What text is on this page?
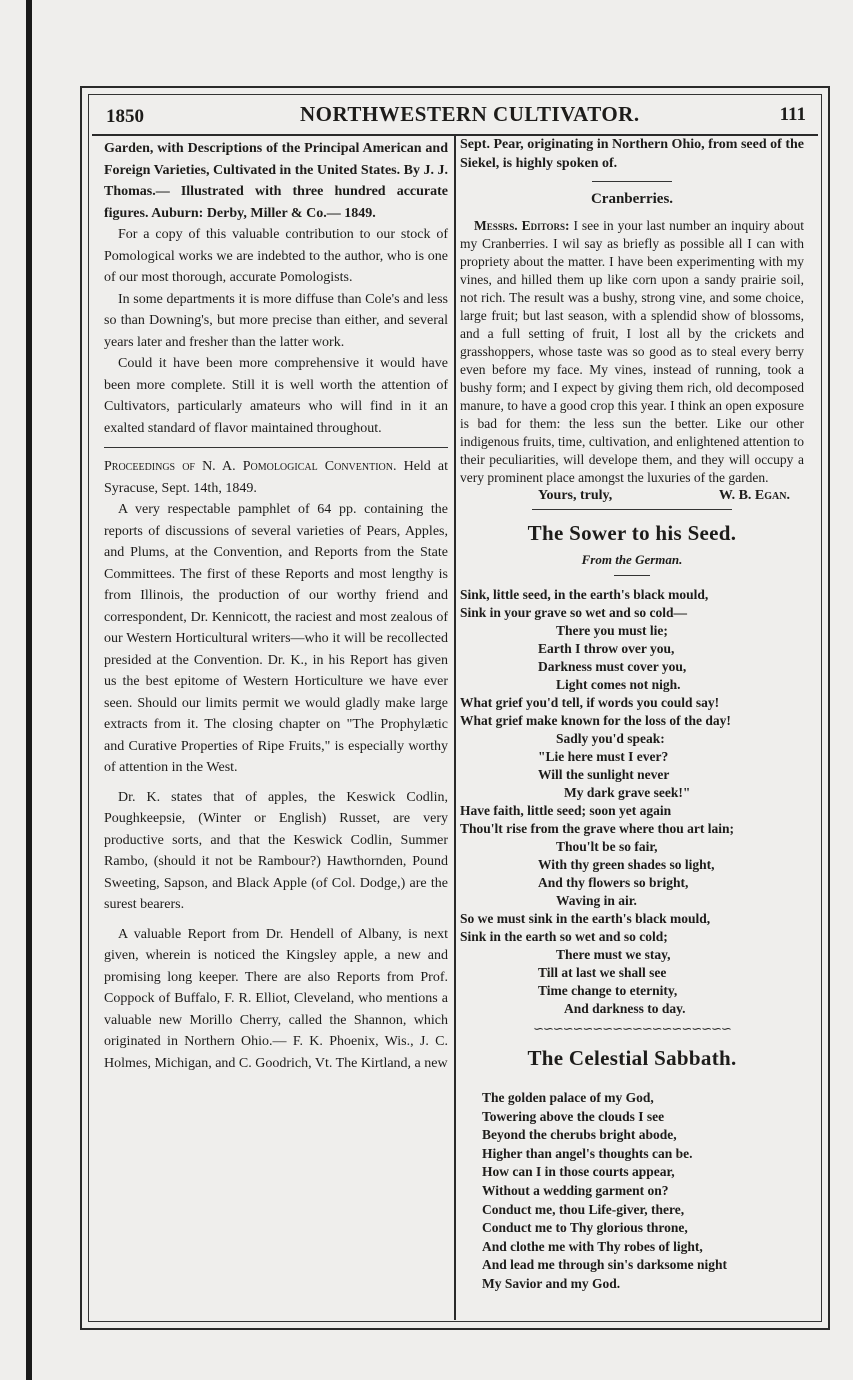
1850	NORTHWESTERN CULTIVATOR.	111

Garden, with Descriptions of the Principal American and Foreign Varieties, Cultivated in the United States. By J. J. Thomas.— Illustrated with three hundred accurate figures. Auburn: Derby, Miller & Co.— 1849.

For a copy of this valuable contribution to our stock of Pomological works we are indebted to the author, who is one of our most thorough, accurate Pomologists.

In some departments it is more diffuse than Cole's and less so than Downing's, but more precise than either, and several years later and fresher than the latter work.

Could it have been more comprehensive it would have been more complete. Still it is well worth the attention of Cultivators, particularly amateurs who will find in it an exalted standard of flavor maintained throughout.

Proceedings of N. A. Pomological Convention. Held at Syracuse, Sept. 14th, 1849.

A very respectable pamphlet of 64 pp. containing the reports of discussions of several varieties of Pears, Apples, and Plums, at the Convention, and Reports from the State Committees. The first of these Reports and most lengthy is from Illinois, the production of our worthy friend and correspondent, Dr. Kennicott, the raciest and most zealous of our Western Horticultural writers—who it will be recollected presided at the Convention. Dr. K., in his Report has given us the best epitome of Western Horticulture we have ever seen. Should our limits permit we would gladly make large extracts from it. The closing chapter on "The Prophylætic and Curative Properties of Ripe Fruits," is especially worthy of attention in the West.

Dr. K. states that of apples, the Keswick Codlin, Poughkeepsie, (Winter or English) Russet, are very productive sorts, and that the Keswick Codlin, Summer Rambo, (should it not be Rambour?) Hawthornden, Pound Sweeting, Sapson, and Black Apple (of Col. Dodge,) are the surest bearers.

A valuable Report from Dr. Hendell of Albany, is next given, wherein is noticed the Kingsley apple, a new and promising long keeper. There are also Reports from Prof. Coppock of Buffalo, F. R. Elliot, Cleveland, who mentions a valuable new Morillo Cherry, called the Shannon, which originated in Northern Ohio.— F. K. Phoenix, Wis., J. C. Holmes, Michigan, and C. Goodrich, Vt. The Kirtland, a new

Sept. Pear, originating in Northern Ohio, from seed of the Siekel, is highly spoken of.

Cranberries.

Messrs. Editors: I see in your last number an inquiry about my Cranberries. I wil say as briefly as possible all I can with propriety about the matter. I have been experimenting with my vines, and hilled them up like corn upon a sandy prairie soil, not rich. The result was a bushy, strong vine, and some choice, large fruit; but last season, with a splendid show of blossoms, and a full setting of fruit, I lost all by the crickets and grasshoppers, whose taste was so good as to steal every berry even before my face. My vines, instead of running, took a bushy form; and I expect by giving them rich, old decomposed manure, to have a good crop this year. I think an open exposure is bad for them: the less sun the better. Like our other indigenous fruits, time, cultivation, and enlightened attention to their peculiarities, will develope them, and they will occupy a very prominent place amongst the luxuries of the garden.

Yours, truly,	W. B. Egan.
The Sower to his Seed.
From the German.
Sink, little seed, in the earth's black mould,
Sink in your grave so wet and so cold—
There you must lie;
Earth I throw over you,
Darkness must cover you,
Light comes not nigh.
What grief you'd tell, if words you could say!
What grief make known for the loss of the day!
Sadly you'd speak:
"Lie here must I ever?
Will the sunlight never
My dark grave seek!"
Have faith, little seed; soon yet again
Thou'lt rise from the grave where thou art lain;
Thou'lt be so fair,
With thy green shades so light,
And thy flowers so bright,
Waving in air.
So we must sink in the earth's black mould,
Sink in the earth so wet and so cold;
There must we stay,
Till at last we shall see
Time change to eternity,
And darkness to day.
∽∽∽∽∽∽∽∽∽∽∽∽∽∽∽∽∽∽∽∽
The Celestial Sabbath.
The golden palace of my God,
Towering above the clouds I see
Beyond the cherubs bright abode,
Higher than angel's thoughts can be.
How can I in those courts appear,
Without a wedding garment on?
Conduct me, thou Life-giver, there,
Conduct me to Thy glorious throne,
And clothe me with Thy robes of light,
And lead me through sin's darksome night
My Savior and my God.
